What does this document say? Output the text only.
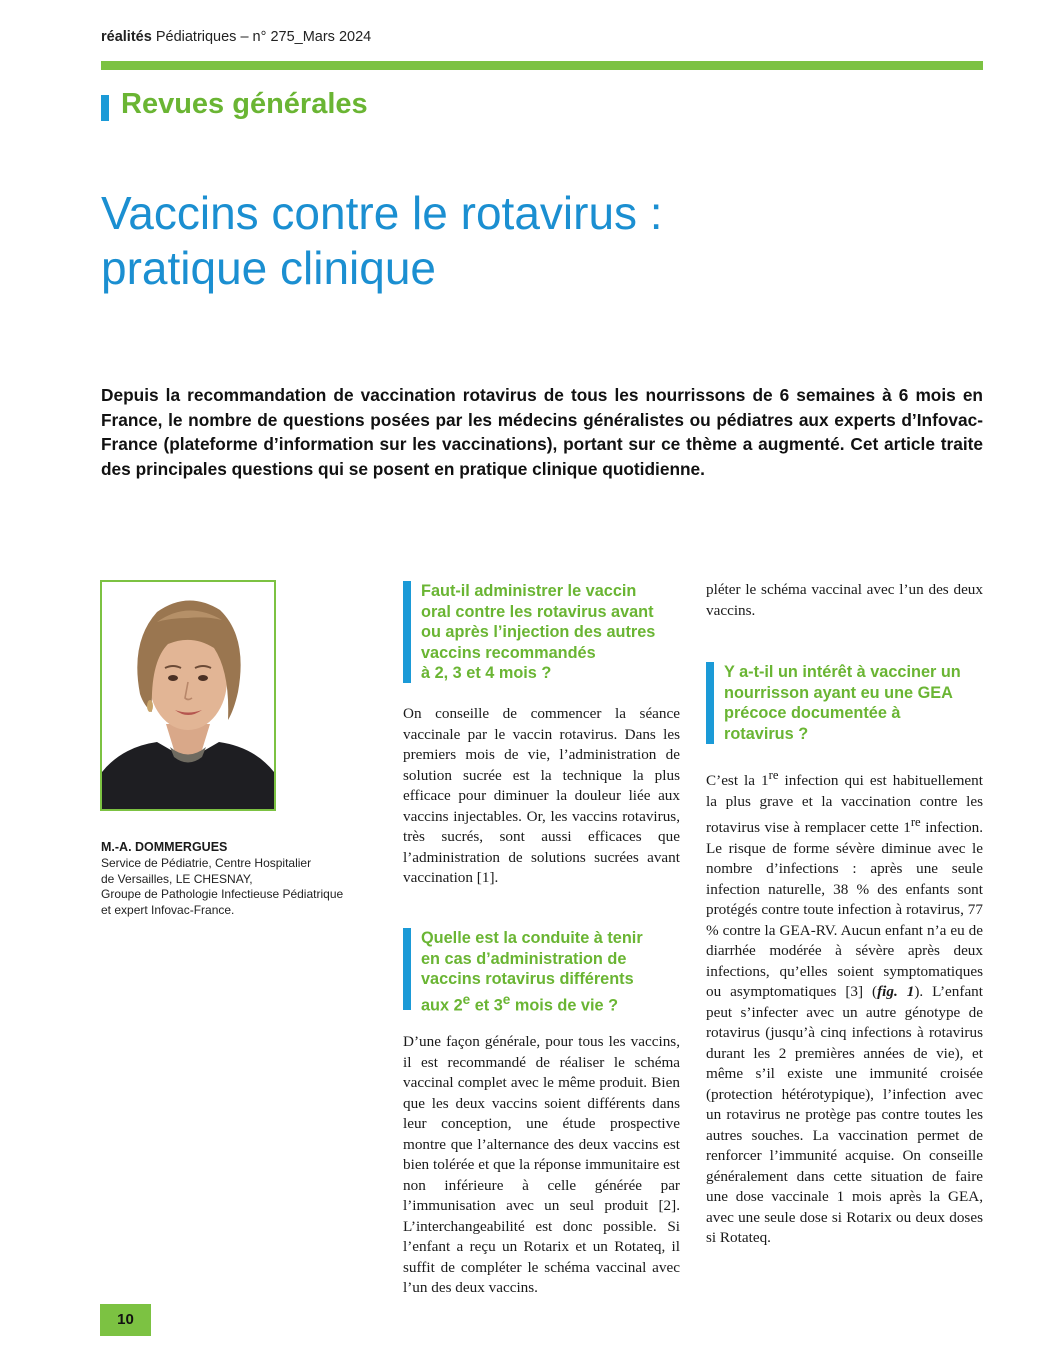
réalités Pédiatriques – n° 275_Mars 2024
Revues générales
Vaccins contre le rotavirus :
pratique clinique

Depuis la recommandation de vaccination rotavirus de tous les nourrissons de 6 semaines à 6 mois en France, le nombre de questions posées par les médecins généralistes ou pédiatres aux experts d’Infovac-France (plateforme d’information sur les vaccinations), portant sur ce thème a augmenté. Cet article traite des principales questions qui se posent en pratique clinique quotidienne.

M.-A. DOMMERGUES
Service de Pédiatrie, Centre Hospitalier
de Versailles, LE CHESNAY,
Groupe de Pathologie Infectieuse Pédiatrique
et expert Infovac-France.
Faut-il administrer le vaccin
oral contre les rotavirus avant
ou après l’injection des autres
vaccins recommandés
à 2, 3 et 4 mois ?

On conseille de commencer la séance vaccinale par le vaccin rotavirus. Dans les premiers mois de vie, l’administration de solution sucrée est la technique la plus efficace pour diminuer la douleur liée aux vaccins injectables. Or, les vaccins rotavirus, très sucrés, sont aussi efficaces que l’administration de solutions sucrées avant vaccination [1].

Quelle est la conduite à tenir
en cas d’administration de
vaccins rotavirus différents
aux 2e et 3e mois de vie ?

D’une façon générale, pour tous les vaccins, il est recommandé de réaliser le schéma vaccinal complet avec le même produit. Bien que les deux vaccins soient différents dans leur conception, une étude prospective montre que l’alternance des deux vaccins est bien tolérée et que la réponse immunitaire est non inférieure à celle générée par l’immunisation avec un seul produit [2]. L’interchangeabilité est donc possible. Si l’enfant a reçu un Rotarix et un Rotateq, il suffit de compléter le schéma vaccinal avec l’un des deux vaccins.

pléter le schéma vaccinal avec l’un des deux vaccins.

Y a-t-il un intérêt à vacciner un
nourrisson ayant eu une GEA
précoce documentée à
rotavirus ?

C’est la 1re infection qui est habituellement la plus grave et la vaccination contre les rotavirus vise à remplacer cette 1re infection. Le risque de forme sévère diminue avec le nombre d’infections : après une seule infection naturelle, 38 % des enfants sont protégés contre toute infection à rotavirus, 77 % contre la GEA-RV. Aucun enfant n’a eu de diarrhée modérée à sévère après deux infections, qu’elles soient symptomatiques ou asymptomatiques [3] (fig. 1). L’enfant peut s’infecter avec un autre génotype de rotavirus (jusqu’à cinq infections à rotavirus durant les 2 premières années de vie), et même s’il existe une immunité croisée (protection hétérotypique), l’infection avec un rotavirus ne protège pas contre toutes les autres souches. La vaccination permet de renforcer l’immunité acquise. On conseille généralement dans cette situation de faire une dose vaccinale 1 mois après la GEA, avec une seule dose si Rotarix ou deux doses si Rotateq.

10
